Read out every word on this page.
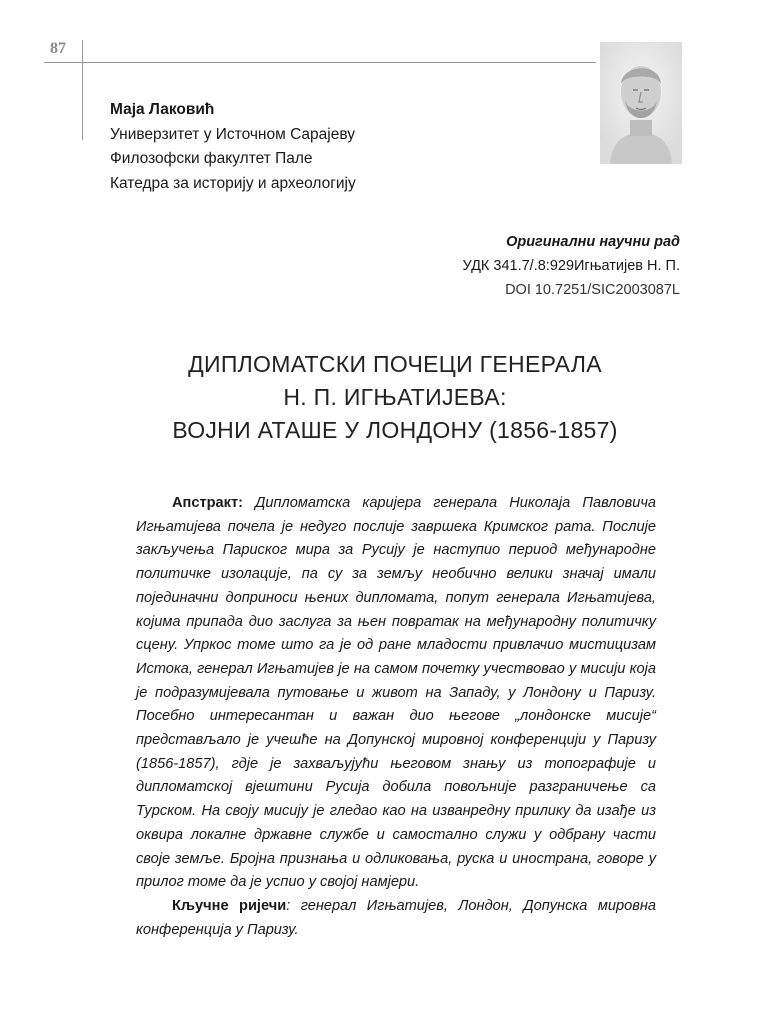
87
Маја Лаковић
Универзитет у Источном Сарајеву
Филозофски факултет Пале
Катедра за историју и археологију
Оригинални научни рад
УДК 341.7/.8:929Игњатијев Н. П.
DOI 10.7251/SIC2003087L
ДИПЛОМАТСКИ ПОЧЕЦИ ГЕНЕРАЛА
Н. П. ИГЊАТИЈЕВА:
ВОЈНИ АТАШЕ У ЛОНДОНУ (1856-1857)

Апстракт: Дипломатска каријера генерала Николаја Павловича Игњатијева почела је недуго послије завршека Кримског рата. Послије закључења Париског мира за Русију је наступио период међународне политичке изолације, па су за земљу необично велики значај имали појединачни доприноси њених дипломата, попут генерала Игњатијева, којима припада дио заслуга за њен повратак на међународну политичку сцену. Упркос томе што га је од ране младости привлачио мистицизам Истока, генерал Игњатијев је на самом почетку учествовао у мисији која је подразумијевала путовање и живот на Западу, у Лондону и Паризу. Посебно интересантан и важан дио његове „лондонске мисије“ представљало је учешће на Допунској мировној конференцији у Паризу (1856-1857), гдје је захваљујући његовом знању из топографије и дипломатској вјештини Русија добила повољније разграничење са Турском. На своју мисију је гледао као на изванредну прилику да изађе из оквира локалне државне службе и самостално служи у одбрану части своје земље. Бројна признања и одликовања, руска и иностранa, говоре у прилог томе да је успио у својој намјери.

Кључне ријечи: генерал Игњатијев, Лондон, Допунска мировна конференција у Паризу.
